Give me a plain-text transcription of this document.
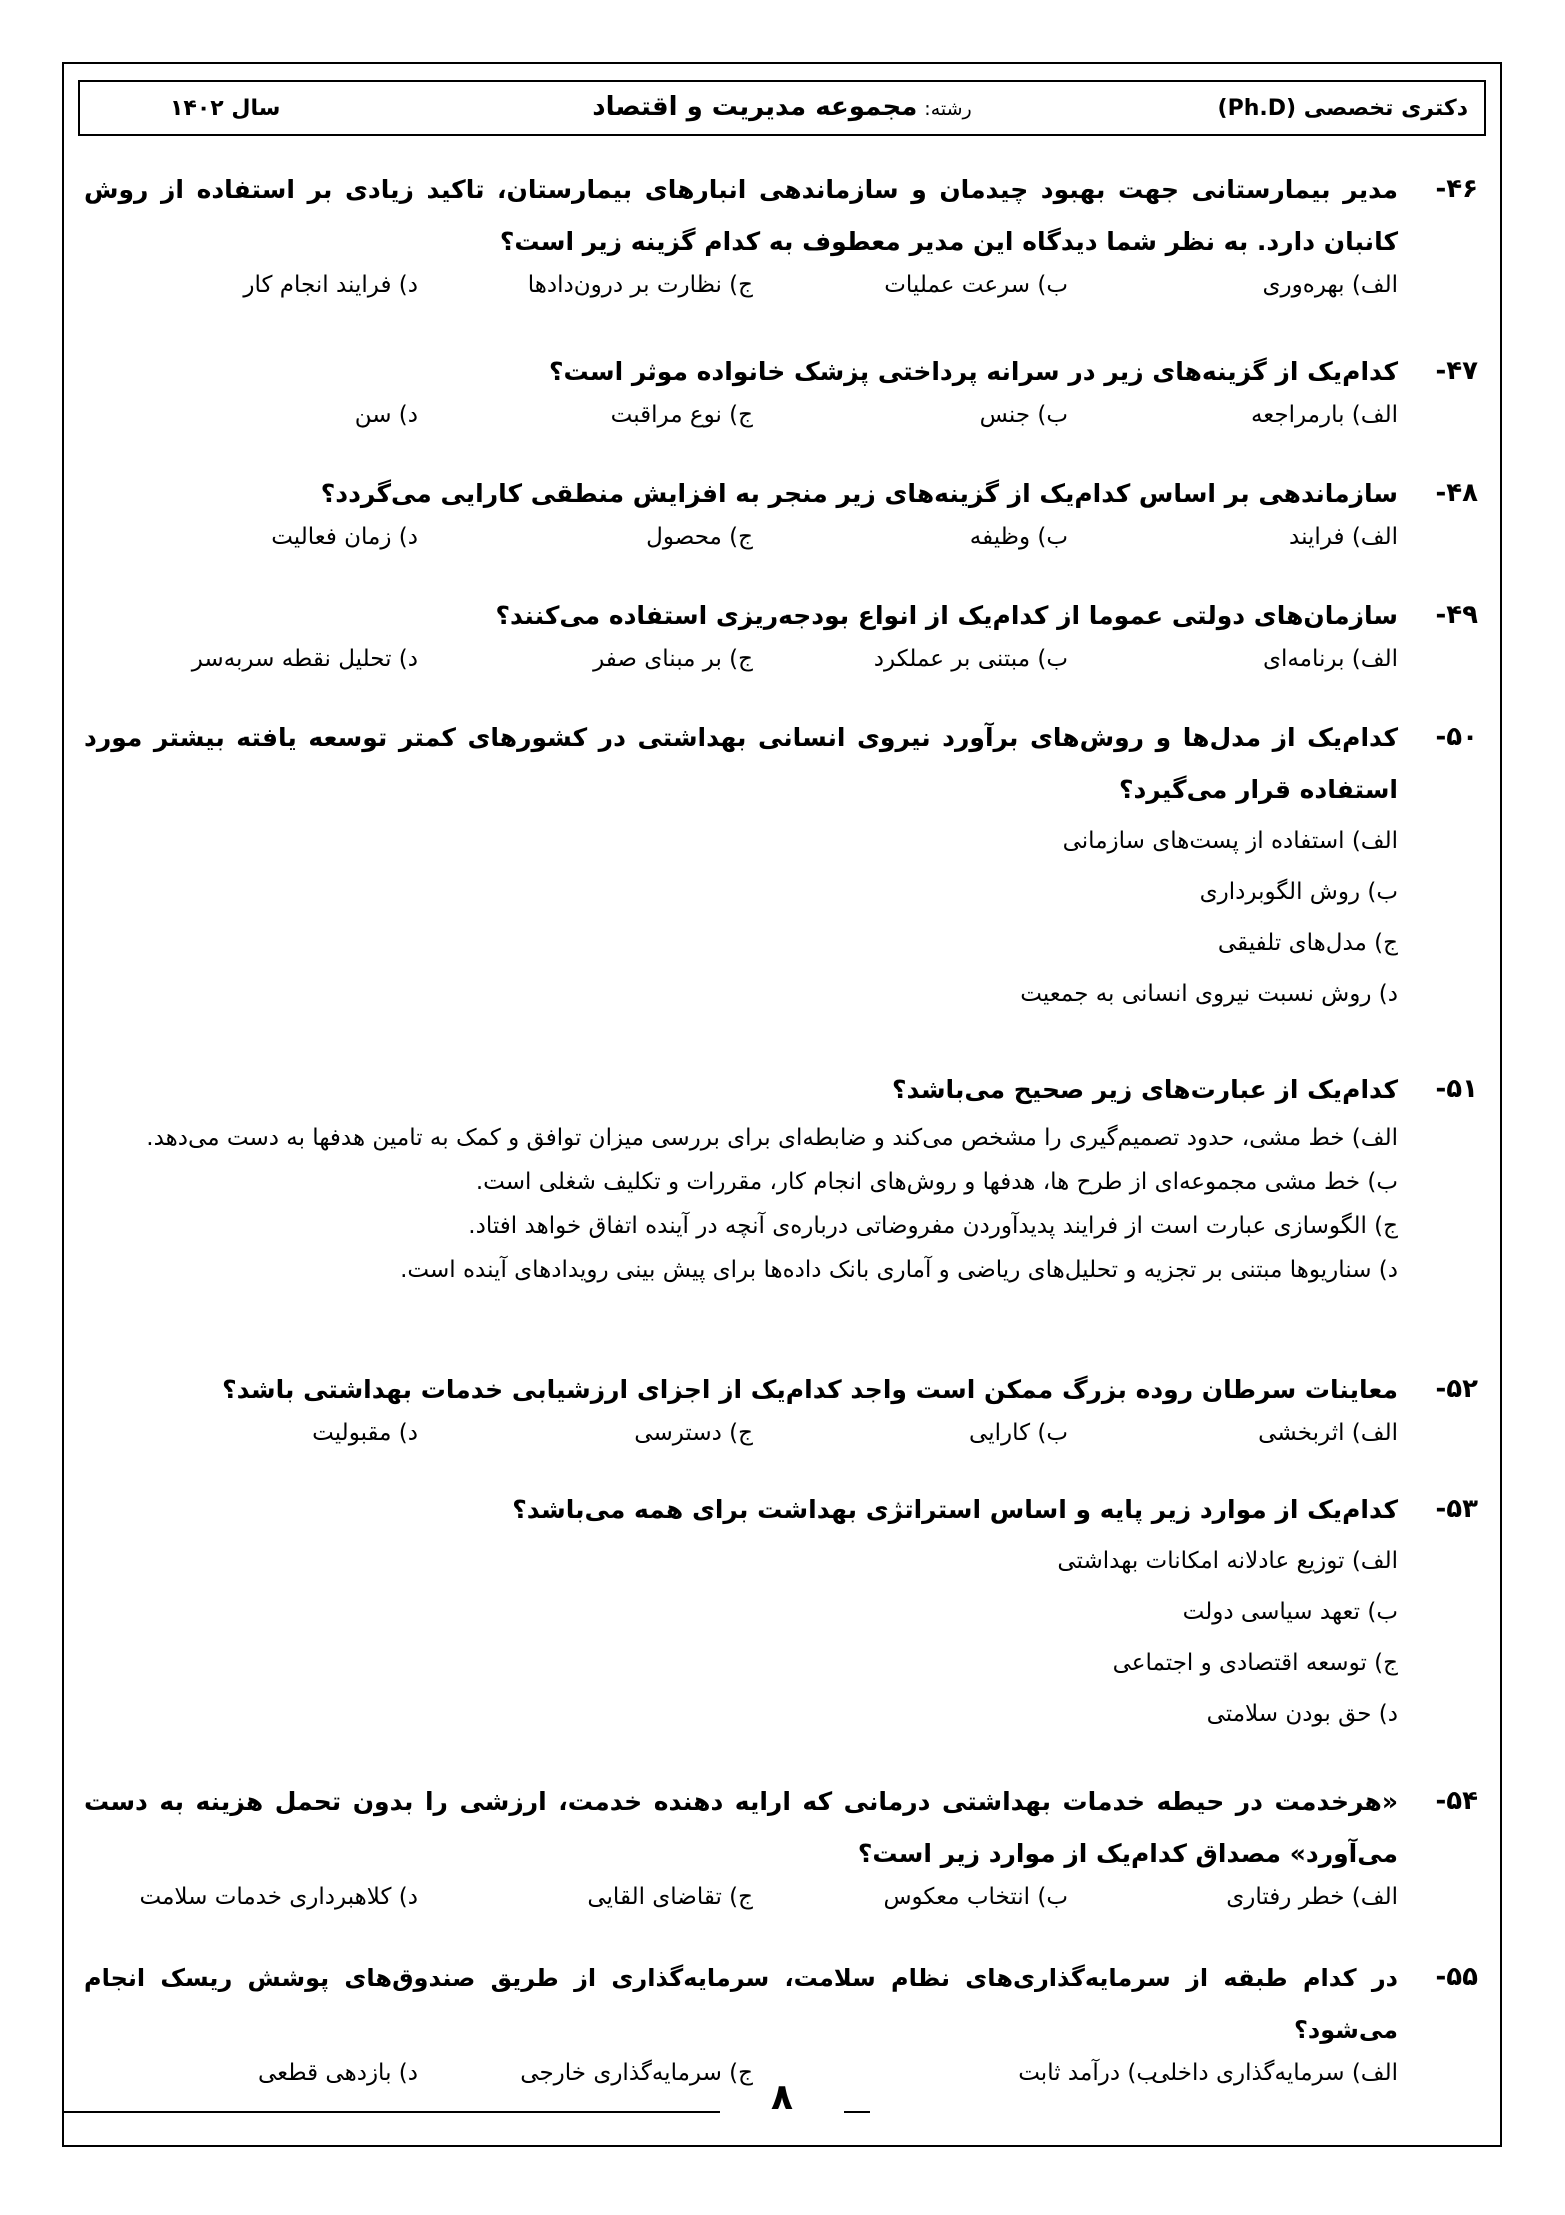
دکتری تخصصی (Ph.D)
رشته: مجموعه مدیریت و اقتصاد
سال ۱۴۰۲
۴۶-
مدیر بیمارستانی جهت بهبود چیدمان و سازماندهی انبارهای بیمارستان، تاکید زیادی بر استفاده از روش کانبان دارد. به نظر شما دیدگاه این مدیر معطوف به کدام گزینه زیر است؟
الف) بهره‌وری
ب) سرعت عملیات
ج) نظارت بر درون‌دادها
د) فرایند انجام کار
۴۷-
کدام‌یک از گزینه‌های زیر در سرانه پرداختی پزشک خانواده موثر است؟
الف) بارمراجعه
ب) جنس
ج) نوع مراقبت
د) سن
۴۸-
سازماندهی بر اساس کدام‌یک از گزینه‌های زیر منجر به افزایش منطقی کارایی می‌گردد؟
الف) فرایند
ب) وظیفه
ج) محصول
د) زمان فعالیت
۴۹-
سازمان‌های دولتی عموما از کدام‌یک از انواع بودجه‌ریزی استفاده می‌کنند؟
الف) برنامه‌ای
ب) مبتنی بر عملکرد
ج) بر مبنای صفر
د) تحلیل نقطه سربه‌سر
۵۰-
کدام‌یک از مدل‌ها و روش‌های برآورد نیروی انسانی بهداشتی در کشورهای کمتر توسعه یافته بیشتر مورد استفاده قرار می‌گیرد؟
الف) استفاده از پست‌های سازمانی
ب) روش الگوبرداری
ج) مدل‌های تلفیقی
د) روش نسبت نیروی انسانی به جمعیت
۵۱-
کدام‌یک از عبارت‌های زیر صحیح می‌باشد؟
الف) خط مشی، حدود تصمیم‌گیری را مشخص می‌کند و ضابطه‌ای برای بررسی میزان توافق و کمک به تامین هدفها به دست می‌دهد.
ب) خط مشی مجموعه‌ای از طرح ها، هدفها و روش‌های انجام کار، مقررات و تکلیف شغلی است.
ج) الگوسازی عبارت است از فرایند پدیدآوردن مفروضاتی درباره‌ی آنچه در آینده اتفاق خواهد افتاد.
د) سناریوها مبتنی بر تجزیه و تحلیل‌های ریاضی و آماری بانک داده‌ها برای پیش بینی رویدادهای آینده است.
۵۲-
معاینات سرطان روده بزرگ ممکن است واجد کدام‌یک از اجزای ارزشیابی خدمات بهداشتی باشد؟
الف) اثربخشی
ب) کارایی
ج) دسترسی
د) مقبولیت
۵۳-
کدام‌یک از موارد زیر پایه و اساس استراتژی بهداشت برای همه می‌باشد؟
الف) توزیع عادلانه امکانات بهداشتی
ب) تعهد سیاسی دولت
ج) توسعه اقتصادی و اجتماعی
د) حق بودن سلامتی
۵۴-
«هرخدمت در حیطه خدمات بهداشتی درمانی که ارایه دهنده خدمت، ارزشی را بدون تحمل هزینه به دست می‌آورد» مصداق کدام‌یک از موارد زیر است؟
الف) خطر رفتاری
ب) انتخاب معکوس
ج) تقاضای القایی
د) کلاهبرداری خدمات سلامت
۵۵-
در کدام طبقه از سرمایه‌گذاری‌های نظام سلامت، سرمایه‌گذاری از طریق صندوق‌های پوشش ریسک انجام می‌شود؟
الف) سرمایه‌گذاری داخلی
ب) درآمد ثابت
ج) سرمایه‌گذاری خارجی
د) بازدهی قطعی
۸
